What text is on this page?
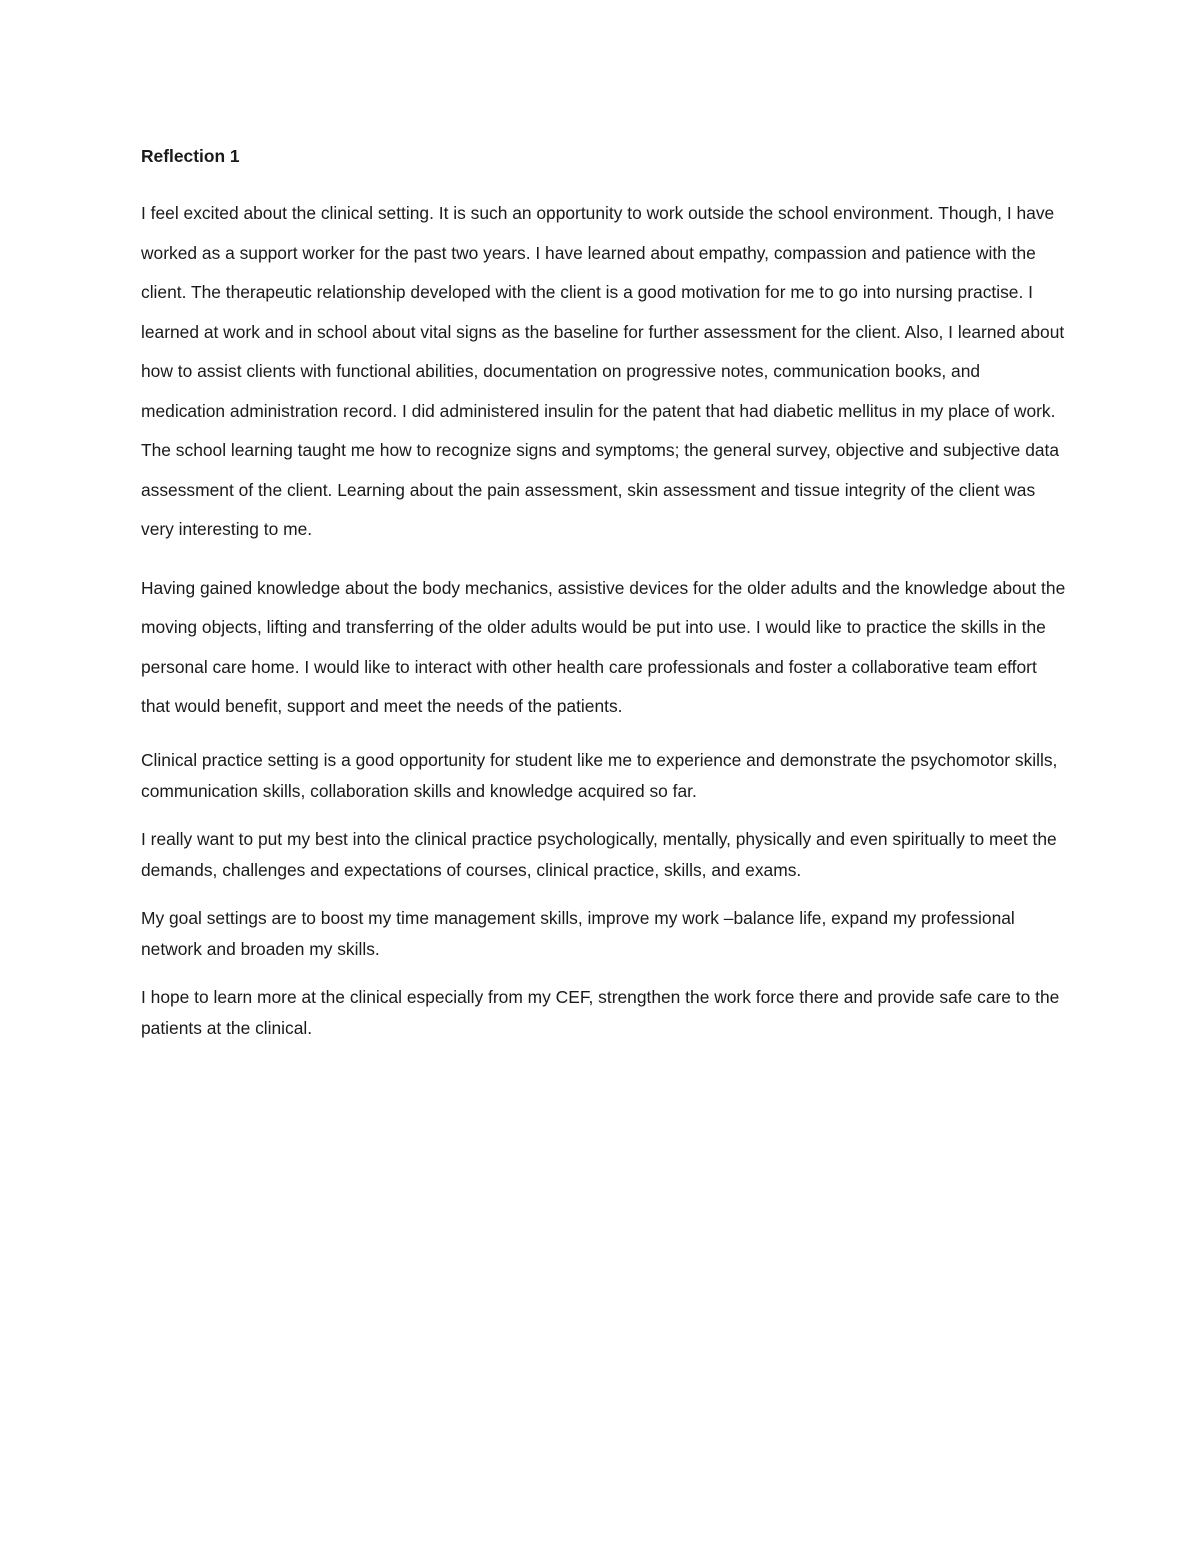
Reflection 1

I feel excited about the clinical setting. It is such an opportunity to work outside the school environment. Though, I have worked as a support worker for the past two years. I have learned about empathy, compassion and patience with the client. The therapeutic relationship developed with the client is a good motivation for me to go into nursing practise. I learned at work and in school about vital signs as the baseline for further assessment for the client. Also, I learned about how to assist clients with functional abilities, documentation on progressive notes, communication books, and medication administration record. I did administered insulin for the patent that had diabetic mellitus in my place of work. The school learning taught me how to recognize signs and symptoms; the general survey, objective and subjective data assessment of the client. Learning about the pain assessment, skin assessment and tissue integrity of the client was very interesting to me.

Having gained knowledge about the body mechanics, assistive devices for the older adults and the knowledge about the moving objects, lifting and transferring of the older adults would be put into use. I would like to practice the skills in the personal care home. I would like to interact with other health care professionals and foster a collaborative team effort that would benefit, support and meet the needs of the patients.

Clinical practice setting is a good opportunity for student like me to experience and demonstrate the psychomotor skills, communication skills, collaboration skills and knowledge acquired so far.

I really want to put my best into the clinical practice psychologically, mentally, physically and even spiritually to meet the demands, challenges and expectations of courses, clinical practice, skills, and exams.

My goal settings are to boost my time management skills, improve my work –balance life, expand my professional network and broaden my skills.

I hope to learn more at the clinical especially from my CEF, strengthen the work force there and provide safe care to the patients at the clinical.
